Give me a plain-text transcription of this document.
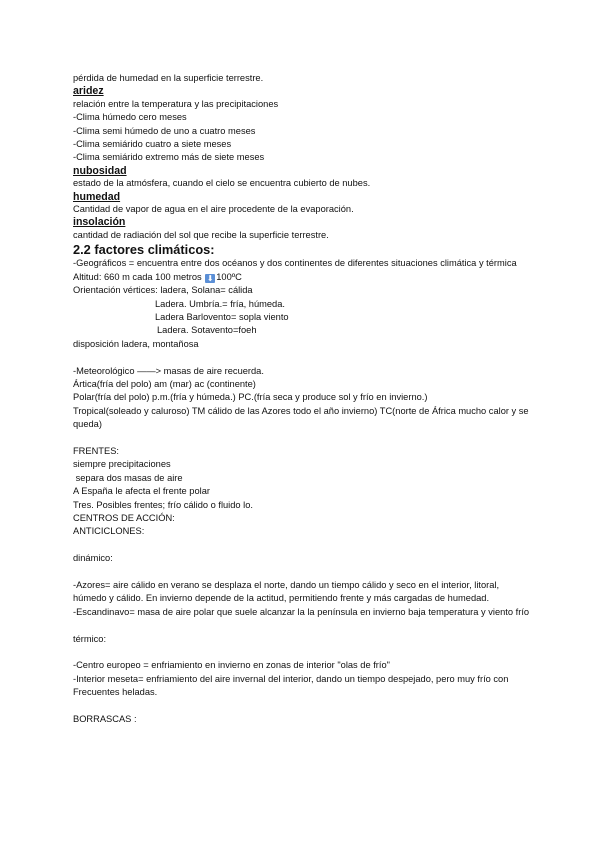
pérdida de humedad en la superficie terrestre.

aridez

relación entre la temperatura y las precipitaciones

-Clima húmedo cero meses

-Clima semi húmedo de uno a cuatro meses

-Clima semiárido cuatro a siete meses

-Clima semiárido extremo más de siete meses

nubosidad

estado de la atmósfera, cuando el cielo se encuentra cubierto de nubes.

humedad

Cantidad de vapor de agua en el aire procedente de la evaporación.

insolación

cantidad de radiación del sol que recibe la superficie terrestre.

2.2 factores climáticos:

-Geográficos = encuentra entre dos océanos y dos continentes de diferentes situaciones climática y térmica

Altitud: 660 m cada 100 metros ⬇ 100ºC

Orientación vértices: ladera, Solana= cálida

Ladera. Umbría.= fría, húmeda.

Ladera Barlovento= sopla viento

Ladera. Sotavento=foeh

disposición ladera, montañosa

-Meteorológico ——> masas de aire recuerda.

Ártica(fría del polo) am (mar) ac (continente)

Polar(fría del polo) p.m.(fría y húmeda.) PC.(fría seca y produce sol y frío en invierno.)

Tropical(soleado y caluroso) TM cálido de las Azores todo el año invierno) TC(norte de África mucho calor y se queda)

FRENTES:

siempre precipitaciones

separa dos masas de aire

A España le afecta el frente polar

Tres. Posibles frentes; frío cálido o fluido lo.

CENTROS DE ACCIÓN:

ANTICICLONES:

dinámico:

-Azores= aire cálido en verano se desplaza el norte, dando un tiempo cálido y seco en el interior, litoral, húmedo y cálido. En invierno depende de la actitud, permitiendo frente y más cargadas de humedad.

-Escandinavo= masa de aire polar que suele alcanzar la la península en invierno baja temperatura y viento frío

térmico:

-Centro europeo = enfriamiento en invierno en zonas de interior "olas de frío"

-Interior meseta= enfriamiento del aire invernal del interior, dando un tiempo despejado, pero muy frío con Frecuentes heladas.

BORRASCAS :
